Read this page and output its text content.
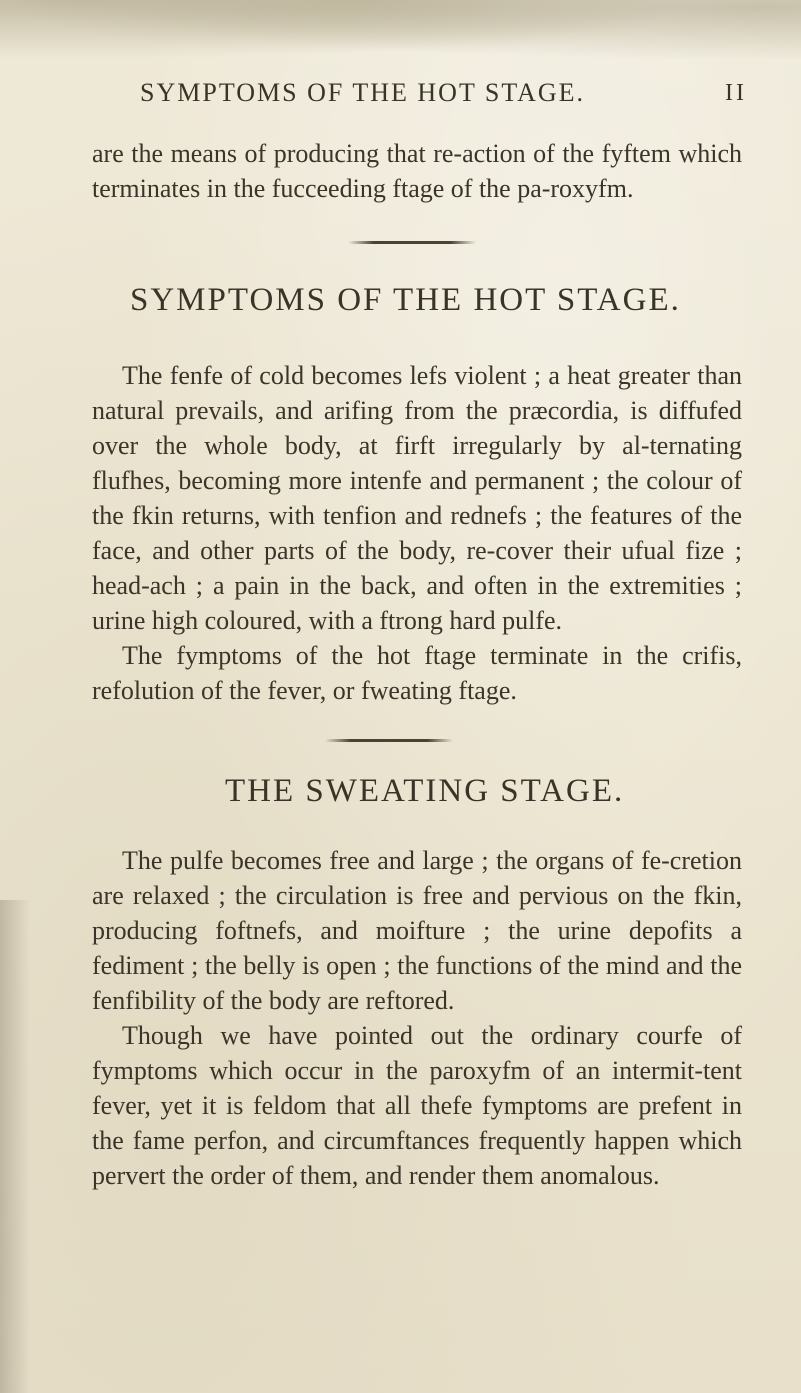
SYMPTOMS OF THE HOT STAGE.	II

are the means of producing that re-action of the fyftem which terminates in the fucceeding ftage of the pa-roxyfm.

SYMPTOMS OF THE HOT STAGE.

The fenfe of cold becomes lefs violent ; a heat greater than natural prevails, and arifing from the præcordia, is diffufed over the whole body, at firft irregularly by al-ternating flufhes, becoming more intenfe and permanent ; the colour of the fkin returns, with tenfion and rednefs ; the features of the face, and other parts of the body, re-cover their ufual fize ; head-ach ; a pain in the back, and often in the extremities ; urine high coloured, with a ftrong hard pulfe.

The fymptoms of the hot ftage terminate in the crifis, refolution of the fever, or fweating ftage.

THE SWEATING STAGE.

The pulfe becomes free and large ; the organs of fe-cretion are relaxed ; the circulation is free and pervious on the fkin, producing foftnefs, and moifture ; the urine depofits a fediment ; the belly is open ; the functions of the mind and the fenfibility of the body are reftored.

Though we have pointed out the ordinary courfe of fymptoms which occur in the paroxyfm of an intermit-tent fever, yet it is feldom that all thefe fymptoms are prefent in the fame perfon, and circumftances frequently happen which pervert the order of them, and render them anomalous.
